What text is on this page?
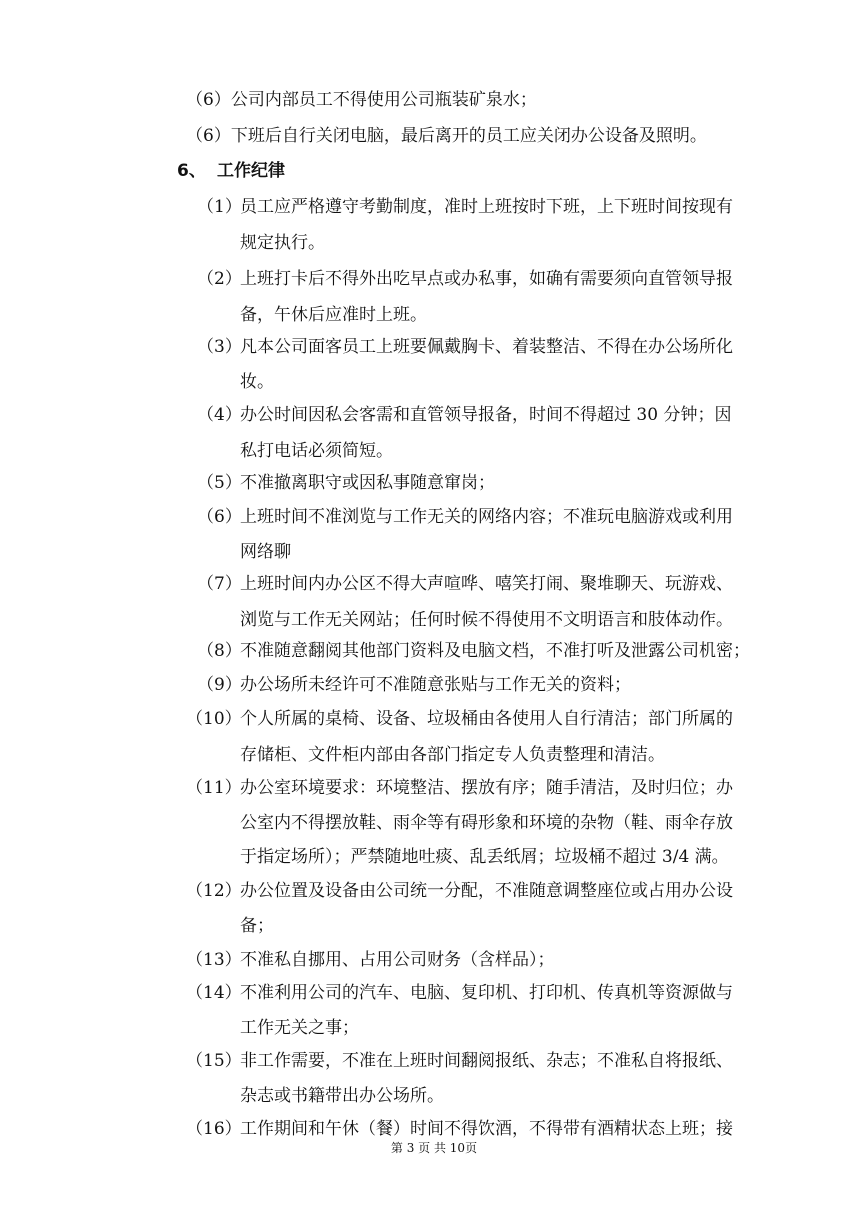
（6）公司内部员工不得使用公司瓶装矿泉水；
（6）下班后自行关闭电脑，最后离开的员工应关闭办公设备及照明。
6、 工作纪律
（1）员工应严格遵守考勤制度，准时上班按时下班，上下班时间按现有
规定执行。
（2）上班打卡后不得外出吃早点或办私事，如确有需要须向直管领导报
备，午休后应准时上班。
（3）凡本公司面客员工上班要佩戴胸卡、着装整洁、不得在办公场所化
妆。
（4）办公时间因私会客需和直管领导报备，时间不得超过 30 分钟；因
私打电话必须简短。
（5）不准撤离职守或因私事随意窜岗；
（6）上班时间不准浏览与工作无关的网络内容；不准玩电脑游戏或利用
网络聊
（7）上班时间内办公区不得大声喧哗、嘻笑打闹、聚堆聊天、玩游戏、
浏览与工作无关网站；任何时候不得使用不文明语言和肢体动作。
（8）不准随意翻阅其他部门资料及电脑文档，不准打听及泄露公司机密；
（9）办公场所未经许可不准随意张贴与工作无关的资料；
（10）个人所属的桌椅、设备、垃圾桶由各使用人自行清洁；部门所属的
存储柜、文件柜内部由各部门指定专人负责整理和清洁。
（11）办公室环境要求：环境整洁、摆放有序；随手清洁，及时归位；办
公室内不得摆放鞋、雨伞等有碍形象和环境的杂物（鞋、雨伞存放
于指定场所）；严禁随地吐痰、乱丢纸屑；垃圾桶不超过 3/4 满。
（12）办公位置及设备由公司统一分配，不准随意调整座位或占用办公设
备；
（13）不准私自挪用、占用公司财务（含样品）；
（14）不准利用公司的汽车、电脑、复印机、打印机、传真机等资源做与
工作无关之事；
（15）非工作需要，不准在上班时间翻阅报纸、杂志；不准私自将报纸、
杂志或书籍带出办公场所。
（16）工作期间和午休（餐）时间不得饮酒，不得带有酒精状态上班；接
第 3 页 共 10页
